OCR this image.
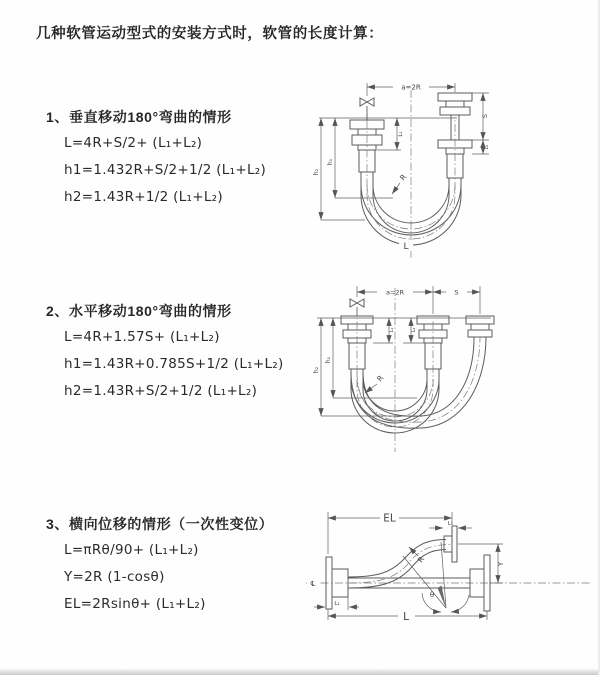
几种软管运动型式的安装方式时，软管的长度计算：
1、垂直移动180°弯曲的情形
L=4R+S/2+ (L₁+L₂)
h1=1.432R+S/2+1/2 (L₁+L₂)
h2=1.43R+1/2 (L₁+L₂)
2、水平移动180°弯曲的情形
L=4R+1.57S+ (L₁+L₂)
h1=1.43R+0.785S+1/2 (L₁+L₂)
h2=1.43R+S/2+1/2 (L₁+L₂)
3、横向位移的情形（一次性变位）
L=πRθ/90+ (L₁+L₂)
Y=2R (1-cosθ)
EL=2Rsinθ+ (L₁+L₂)
a=2R
h₁
h₂
L₁
S
L₂
R
L
a=2R	S
h₁
h₂
L₁	L₂
R
℄
EL	L₁
Y
θ
R
L
L₁
